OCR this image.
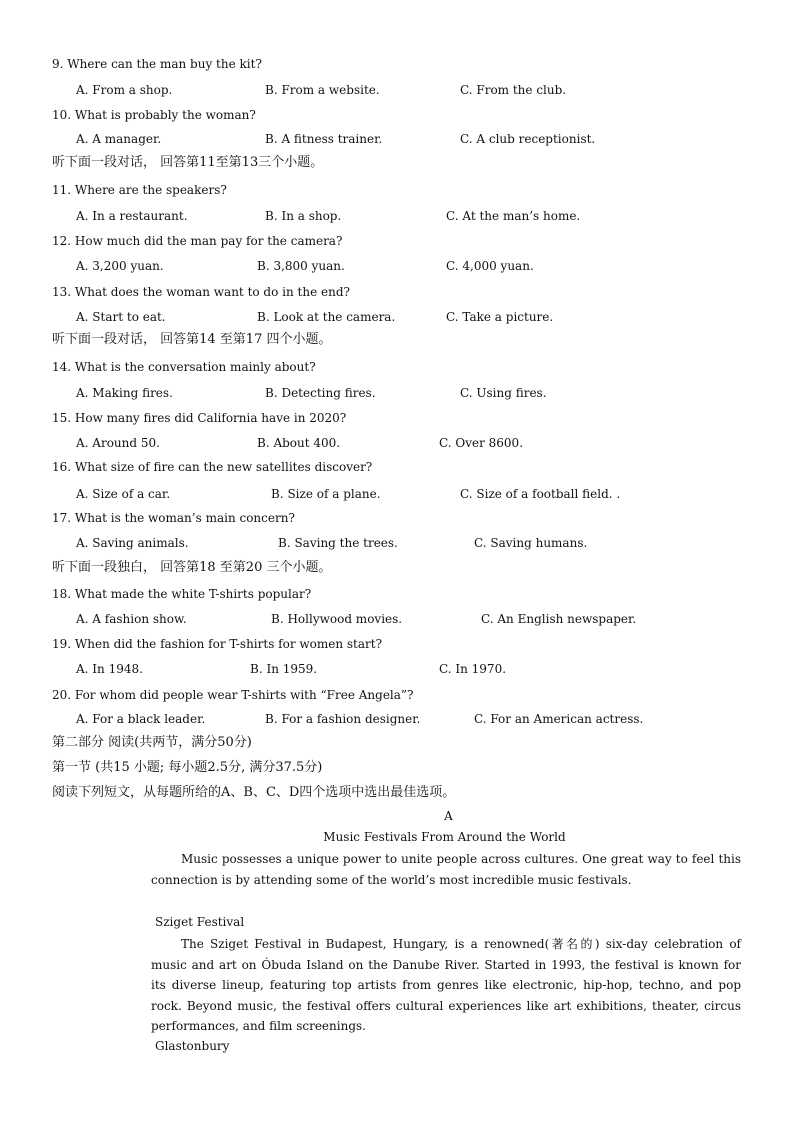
9. Where can the man buy the kit?
A. From a shop.	B. From a website.	C. From the club.
10. What is probably the woman?
A. A manager.	B. A fitness trainer.	C. A club receptionist.
听下面一段对话， 回答第11至第13三个小题。
11. Where are the speakers?
A. In a restaurant.	B. In a shop.	C. At the man’s home.
12. How much did the man pay for the camera?
A. 3,200 yuan.	B. 3,800 yuan.	C. 4,000 yuan.
13. What does the woman want to do in the end?
A. Start to eat.	B. Look at the camera.	C. Take a picture.
听下面一段对话， 回答第14 至第17 四个小题。
14. What is the conversation mainly about?
A. Making fires.	B. Detecting fires.	C. Using fires.
15. How many fires did California have in 2020?
A. Around 50.	B. About 400.	C. Over 8600.
16. What size of fire can the new satellites discover?
A. Size of a car.	B. Size of a plane.	C. Size of a football field. .
17. What is the woman’s main concern?
A. Saving animals.	B. Saving the trees.	C. Saving humans.
听下面一段独白， 回答第18 至第20 三个小题。
18. What made the white T-shirts popular?
A. A fashion show.	B. Hollywood movies.	C. An English newspaper.
19. When did the fashion for T-shirts for women start?
A. In 1948.	B. In 1959.	C. In 1970.
20. For whom did people wear T-shirts with “Free Angela”?
A. For a black leader.	B. For a fashion designer.	C. For an American actress.
第二部分 阅读(共两节，满分50分)
第一节 (共15 小题; 每小题2.5分, 满分37.5分)
阅读下列短文，从每题所给的A、B、C、D四个选项中选出最佳选项。
A
Music Festivals From Around the World
Music possesses a unique power to unite people across cultures. One great way to feel this connection is by attending some of the world’s most incredible music festivals.
Sziget Festival
The Sziget Festival in Budapest, Hungary, is a renowned(著名的) six-day celebration of music and art on Óbuda Island on the Danube River. Started in 1993, the festival is known for its diverse lineup, featuring top artists from genres like electronic, hip-hop, techno, and pop rock. Beyond music, the festival offers cultural experiences like art exhibitions, theater, circus performances, and film screenings.
Glastonbury
